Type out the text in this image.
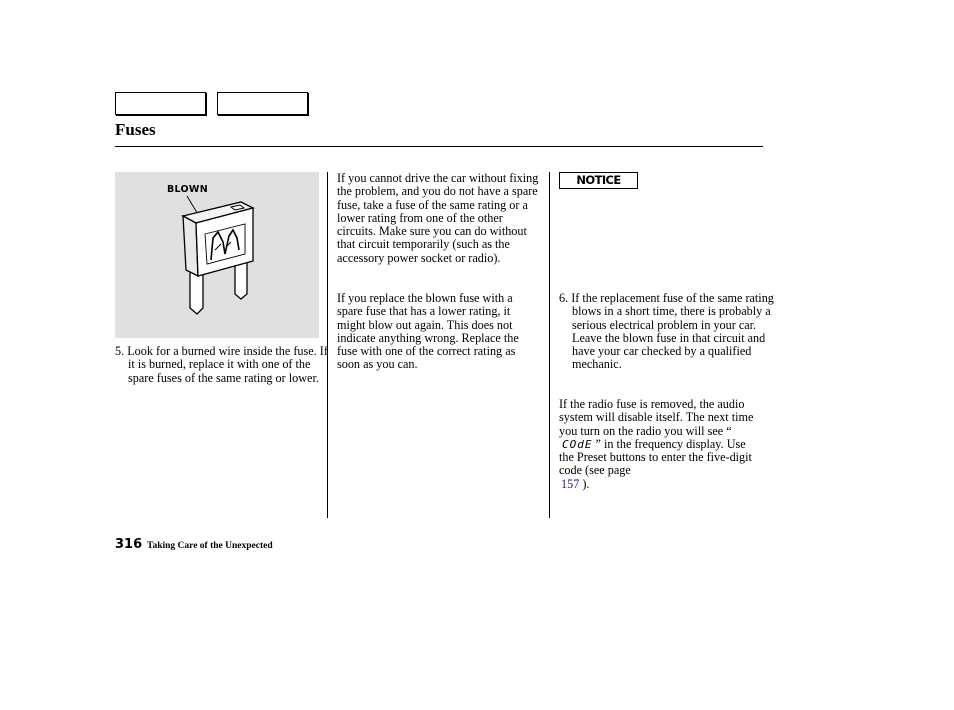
Fuses
BLOWN

5. Look for a burned wire inside the fuse. If it is burned, replace it with one of the spare fuses of the same rating or lower.

If you cannot drive the car without fixing the problem, and you do not have a spare fuse, take a fuse of the same rating or a lower rating from one of the other circuits. Make sure you can do without that circuit temporarily (such as the accessory power socket or radio).

If you replace the blown fuse with a spare fuse that has a lower rating, it might blow out again. This does not indicate anything wrong. Replace the fuse with one of the correct rating as soon as you can.

NOTICE

6. If the replacement fuse of the same rating blows in a short time, there is probably a serious electrical problem in your car. Leave the blown fuse in that circuit and have your car checked by a qualified mechanic.

If the radio fuse is removed, the audio system will disable itself. The next time you turn on the radio you will see “COdE ” in the frequency display. Use the Preset buttons to enter the five-digit code (see page
157 ).

316 Taking Care of the Unexpected
